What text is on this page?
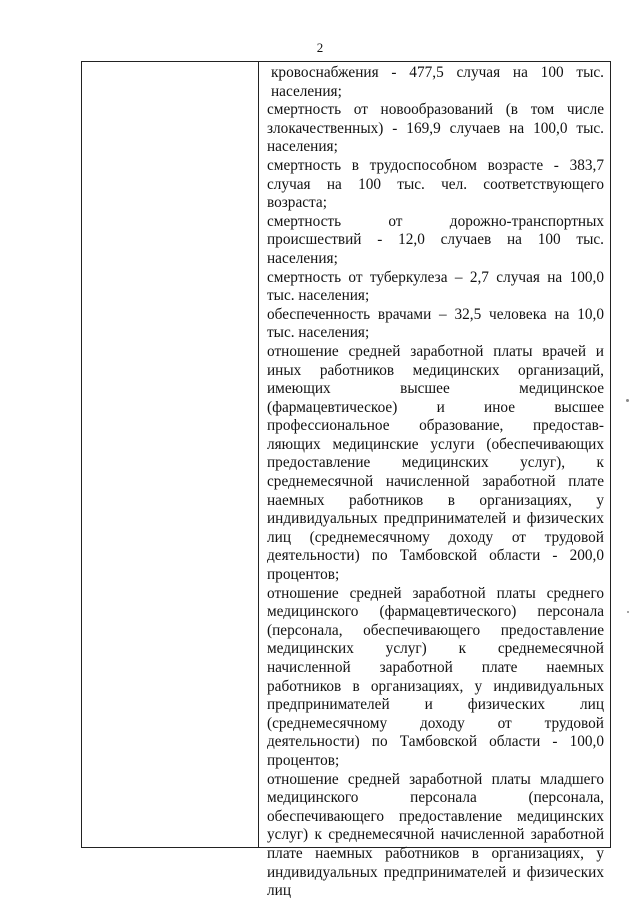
2

кровоснабжения - 477,5 случая на 100 тыс. населения;

смертность от новообразований (в том числе злокачественных) - 169,9 случаев на 100,0 тыс. населения;

смертность в трудоспособном возрасте - 383,7 случая на 100 тыс. чел. соответствующего возраста;

смертность от дорожно-транспортных происшествий - 12,0 случаев на 100 тыс. населения;

смертность от туберкулеза – 2,7 случая на 100,0 тыс. населения;

обеспеченность врачами – 32,5 человека на 10,0 тыс. населения;

отношение средней заработной платы врачей и иных работников медицинских организаций, имеющих высшее медицинское (фармацевтическое) и иное высшее профессиональное образование, предостав-ляющих медицинские услуги (обеспечивающих предоставление медицинских услуг), к среднемесячной начисленной заработной плате наемных работников в организациях, у индивидуальных предпринимателей и физических лиц (среднемесячному доходу от трудовой деятельности) по Тамбовской области - 200,0 процентов;

отношение средней заработной платы среднего медицинского (фармацевтического) персонала (персонала, обеспечивающего предоставление медицинских услуг) к среднемесячной начисленной заработной плате наемных работников в организациях, у индивидуальных предпринимателей и физических лиц (среднемесячному доходу от трудовой деятельности) по Тамбовской области - 100,0 процентов;

отношение средней заработной платы младшего медицинского персонала (персонала, обеспечивающего предоставление медицинских услуг) к среднемесячной начисленной заработной плате наемных работников в организациях, у индивидуальных предпринимателей и физических лиц
